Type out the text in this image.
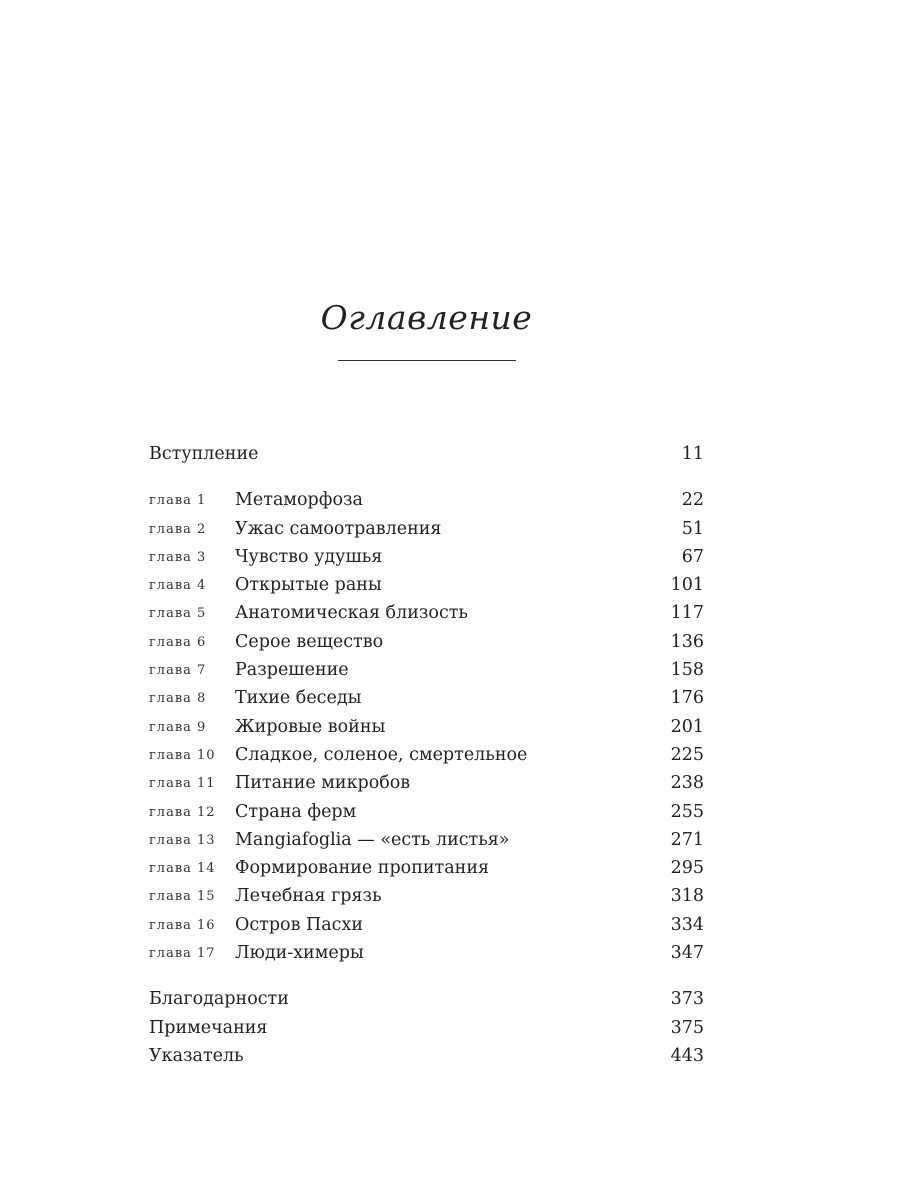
Оглавление
Вступление	11
глава 1 Метаморфоза	22
глава 2 Ужас самоотравления	51
глава 3 Чувство удушья	67
глава 4 Открытые раны	101
глава 5 Анатомическая близость	117
глава 6 Серое вещество	136
глава 7 Разрешение	158
глава 8 Тихие беседы	176
глава 9 Жировые войны	201
глава 10 Сладкое, соленое, смертельное	225
глава 11 Питание микробов	238
глава 12 Страна ферм	255
глава 13 Mangiafoglia — «есть листья»	271
глава 14 Формирование пропитания	295
глава 15 Лечебная грязь	318
глава 16 Остров Пасхи	334
глава 17 Люди-химеры	347
Благодарности	373
Примечания	375
Указатель	443
